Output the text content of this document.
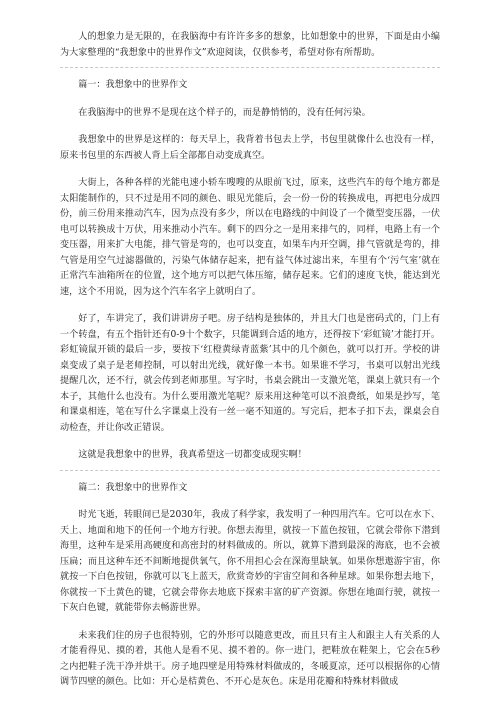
人的想象力是无限的，在我脑海中有许许多多的想象，比如想象中的世界，下面是由小编为大家整理的“我想象中的世界作文”欢迎阅读，仅供参考，希望对你有所帮助。

篇一：我想象中的世界作文

在我脑海中的世界不是现在这个样子的，而是静悄悄的，没有任何污染。

我想象中的世界是这样的：每天早上，我背着书包去上学，书包里就像什么也没有一样，原来书包里的东西被人背上后全部都自动变成真空。

大街上，各种各样的光能电速小轿车嗖嗖的从眼前飞过，原来，这些汽车的每个地方都是太阳能制作的，只不过是用不同的颜色、眼见光能后，会一份一份的转换成电，再把电分成四份，前三份用来推动汽车，因为点没有多少，所以在电路线的中间设了一个微型变压器，一伏电可以转换成十万伏，用来推动小汽车。剩下的四分之一是用来排气的，同样，电路上有一个变压器，用来扩大电能，排气管是弯的，也可以变直，如果车内开空调，排气管就是弯的，排气管是用空气过滤器做的，污染气体储存起来，把有益气体过滤出来，车里有个‘污气室’就在正常汽车油箱所在的位置，这个地方可以把气体压缩，储存起来。它们的速度飞快，能达到光速，这个不用说，因为这个汽车名字上就明白了。

好了，车讲完了，我们讲讲房子吧。房子结构是独体的，并且大门也是密码式的，门上有一个转盘，有五个指针还有0-9十个数字，只能调到合适的地方，还得按下‘彩虹镜’才能打开。彩虹镜鼠开锁的最后一步，要按下‘红橙黄绿青蓝紫’其中的几个颜色，就可以打开。学校的讲桌变成了桌子是老师控制，可以射出光线，就好像一本书。如果谁不学习，书桌可以射出光线提醒几次，还不行，就会传到老师那里。写字时，书桌会跳出一支激光笔，课桌上就只有一个本子，其他什么也没有。为什么要用激光笔呢？原来用这种笔可以不浪费纸，如果是抄写，笔和课桌相连，笔在写什么字课桌上没有一丝一毫不知道的。写完后，把本子扣下去，课桌会自动检查，并让你改正错误。

这就是我想象中的世界，我真希望这一切都变成现实啊！

篇二：我想象中的世界作文

时光飞逝，转眼间已是2030年，我成了科学家，我发明了一种四用汽车。它可以在水下、天上、地面和地下的任何一个地方行驶。你想去海里，就按一下蓝色按钮，它就会带你下潜到海里，这种车是采用高硬度和高密封的材料做成的。所以，就算下潜到最深的海底，也不会被压扁；而且这种车还不间断地提供氧气，你不用担心会在深海里缺氧。如果你想遨游宇宙，你就按一下白色按钮，你就可以飞上蓝天，欣赏奇妙的宇宙空间和各种星球。如果你想去地下，你就按一下土黄色的键，它就会带你去地底下探索丰富的矿产资源。你想在地面行驶，就按一下灰白色键，就能带你去畅游世界。

未来我们住的房子也很特别，它的外形可以随意更改，而且只有主人和跟主人有关系的人才能看得见、摸的着，其他人是看不见、摸不着的。你一进门，把鞋放在鞋架上，它会在5秒之内把鞋子洗干净并烘干。房子地四壁是用特殊材料做成的，冬暖夏凉，还可以根据你的心情调节四壁的颜色。比如：开心是桔黄色、不开心是灰色。床是用花瓣和特殊材料做成
